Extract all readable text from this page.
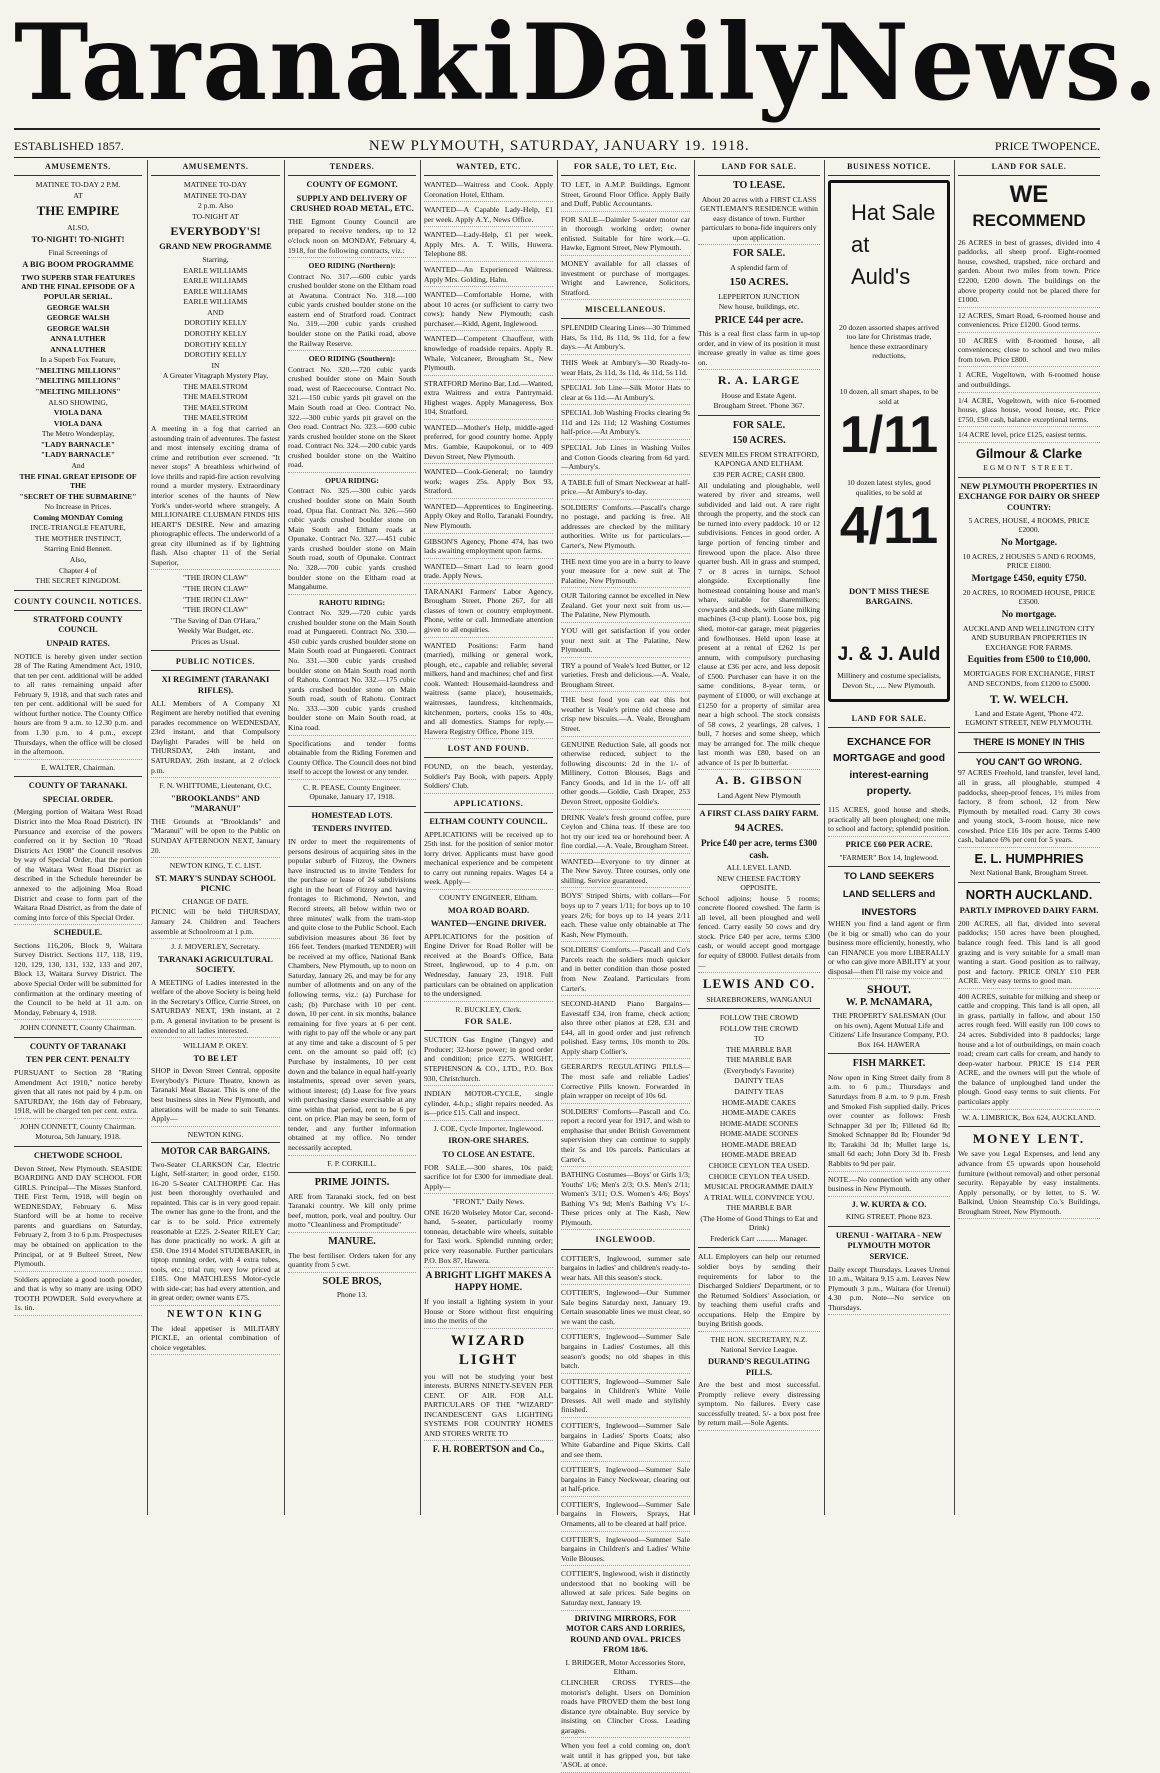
Taranaki Daily News.
ESTABLISHED 1857.	NEW PLYMOUTH, SATURDAY, JANUARY 19. 1918.	PRICE TWOPENCE.
AMUSEMENTS.
MATINEE TO-DAY 2 P.M.
AT
THE EMPIRE
ALSO,
TO-NIGHT! TO-NIGHT!
Final Screenings of
A BIG BOOM PROGRAMME
TWO SUPERB STAR FEATURES AND THE FINAL EPISODE OF A POPULAR SERIAL.
GEORGE WALSH
GEORGE WALSH
GEORGE WALSH
ANNA LUTHER
ANNA LUTHER
In a Superb Fox Feature,
"MELTING MILLIONS"
"MELTING MILLIONS"
"MELTING MILLIONS"
ALSO SHOWING,
VIOLA DANA
VIOLA DANA
The Metro Wonderplay,
"LADY BARNACLE"
"LADY BARNACLE"
And
THE FINAL GREAT EPISODE OF THE
"SECRET OF THE SUBMARINE"
No Increase in Prices.
Coming MONDAY Coming
INCE-TRIANGLE FEATURE,
THE MOTHER INSTINCT,
Starring Enid Bennett.
Also,
Chapter 4 of
THE SECRET KINGDOM.
COUNTY COUNCIL NOTICES.
STRATFORD COUNTY COUNCIL
UNPAID RATES.
NOTICE is hereby given under section 28 of The Rating Amendment Act, 1910, that ten per cent. additional will be added to all rates remaining unpaid after February 9, 1918, and that such rates and ten per cent. additional will be sued for without further notice. The County Office hours are from 9 a.m. to 12.30 p.m. and from 1.30 p.m. to 4 p.m., except Thursdays, when the office will be closed in the afternoon.
E. WALTER, Chairman.
COUNTY OF TARANAKI.
SPECIAL ORDER.
(Merging portion of Waitara West Road District into the Moa Road District). IN Pursuance and exercise of the powers conferred on it by Section 10 "Road Districts Act 1908" the Council resolves by way of Special Order, that the portion of the Waitara West Road District as described in the Schedule hereunder be annexed to the adjoining Moa Road District and cease to form part of the Waitara Road District, as from the date of coming into force of this Special Order.
SCHEDULE.
Sections 116,206, Block 9, Waitara Survey District. Sections 117, 118, 119, 120, 129, 130, 131, 132, 133 and 207, Block 13, Waitara Survey District. The above Special Order will be submitted for confirmation at the ordinary meeting of the Council to be held at 11 a.m. on Monday, February 4, 1918.
JOHN CONNETT, County Chairman.
COUNTY OF TARANAKI
TEN PER CENT. PENALTY
PURSUANT to Section 28 "Rating Amendment Act 1910," notice hereby given that all rates not paid by 4 p.m. on SATURDAY, the 16th day of February, 1918, will be charged ten per cent. extra.
JOHN CONNETT, County Chairman.
Moturoa, 5th January, 1918.
CHETWODE SCHOOL
Devon Street, New Plymouth. SEASIDE BOARDING AND DAY SCHOOL FOR GIRLS. Principal—The Misses Stanford. THE First Term, 1918, will begin on WEDNESDAY, February 6. Miss Stanford will be at home to receive parents and guardians on Saturday, February 2, from 3 to 6 p.m. Prospectuses may be obtained on application to the Principal, or at 9 Bulteel Street, New Plymouth.
Soldiers appreciate a good tooth powder, and that is why so many are using ODO TOOTH POWDER. Sold everywhere at 1s. tin.
AMUSEMENTS.
MATINEE TO-DAY
MATINEE TO-DAY
2 p.m. Also
TO-NIGHT AT
EVERYBODY'S!
GRAND NEW PROGRAMME
Starring,
EARLE WILLIAMS
EARLE WILLIAMS
EARLE WILLIAMS
EARLE WILLIAMS
AND
DOROTHY KELLY
DOROTHY KELLY
DOROTHY KELLY
DOROTHY KELLY
IN
A Greater Vitagraph Mystery Play,
THE MAELSTROM
THE MAELSTROM
THE MAELSTROM
THE MAELSTROM
A meeting in a fog that carried an astounding train of adventures. The fastest and most intensely exciting drama of crime and retribution ever screened. "It never stops" A breathless whirlwind of love thrills and rapid-fire action revolving round a murder mystery. Extraordinary interior scenes of the haunts of New York's under-world where strangely, A MILLIONAIRE CLUBMAN FINDS HIS HEART'S DESIRE. New and amazing photographic effects. The underworld of a great city illumined as if by lightning flash. Also chapter 11 of the Serial Superior,
"THE IRON CLAW"
"THE IRON CLAW"
"THE IRON CLAW"
"THE IRON CLAW"
"The Saving of Dan O'Hara,"
Weekly War Budget, etc.
Prices as Usual.
PUBLIC NOTICES.
XI REGIMENT (TARANAKI RIFLES).
ALL Members of A Company XI Regiment are hereby notified that evening parades recommence on WEDNESDAY, 23rd instant, and that Compulsory Daylight Parades will be held on THURSDAY, 24th instant, and SATURDAY, 26th instant, at 2 o'clock p.m.
F. N. WHITTOME, Lieutenant, O.C.
"BROOKLANDS" AND "MARANUI"
THE Grounds at "Brooklands" and "Maranui" will be open to the Public on SUNDAY AFTERNOON NEXT, January 20.
NEWTON KING, T. C. LIST.
ST. MARY'S SUNDAY SCHOOL PICNIC
CHANGE OF DATE.
PICNIC will be held THURSDAY, January 24. Children and Teachers assemble at Schoolroom at 1 p.m.
J. J. MOVERLEY, Secretary.
TARANAKI AGRICULTURAL SOCIETY.
A MEETING of Ladies interested in the welfare of the above Society is being held in the Secretary's Office, Currie Street, on SATURDAY NEXT, 19th instant, at 2 p.m. A general invitation to be present is extended to all ladies interested.
WILLIAM P. OKEY.
TO BE LET
SHOP in Devon Street Central, opposite Everybody's Picture Theatre, known as Taranaki Meat Bazaar. This is one of the best business sites in New Plymouth, and alterations will be made to suit Tenants. Apply—
NEWTON KING.
MOTOR CAR BARGAINS.
Two-Seater CLARKSON Car, Electric Light, Self-starter; in good order, £150. 16-20 5-Seater CALTHORPE Car. Has just been thoroughly overhauled and repainted. This car is in very good repair. The owner has gone to the front, and the car is to be sold. Price extremely reasonable at £225. 2-Seater RILEY Car; has done practically no work. A gift at £50. One 1914 Model STUDEBAKER, in tiptop running order, with 4 extra tubes, tools, etc.; trial run; very low priced at £185. One MATCHLESS Motor-cycle with side-car; has had every attention, and in great order; owner wants £75.
NEWTON KING
The ideal appetiser is MILITARY PICKLE, an oriental combination of choice vegetables.
TENDERS.
COUNTY OF EGMONT.
SUPPLY AND DELIVERY OF CRUSHED ROAD METAL, ETC.
THE Egmont County Council are prepared to receive tenders, up to 12 o'clock noon on MONDAY, February 4, 1918, for the following contracts, viz.:
OEO RIDING (Northern):
Contract No. 317.—600 cubic yards crushed boulder stone on the Eltham road at Awatuna. Contract No. 318.—100 cubic yards crushed boulder stone on the eastern end of Stratford road. Contract No. 319.—200 cubic yards crushed boulder stone on the Patiki road, above the Railway Reserve.
OEO RIDING (Southern):
Contract No. 320.—720 cubic yards crushed boulder stone on Main South road, west of Raececourse. Contract No. 321.—150 cubic yards pit gravel on the Main South road at Oeo. Contract No. 322.—300 cubic yards pit gravel on the Oeo road. Contract No. 323.—600 cubic yards crushed boulder stone on the Skeet road. Contract No. 324.—200 cubic yards crushed boulder stone on the Waitino road.
OPUA RIDING:
Contract No. 325.—300 cubic yards crushed boulder stone on Main South road, Opua flat. Contract No. 326.—560 cubic yards crushed boulder stone on Main South and Eltham roads at Opunake. Contract No. 327.—451 cubic yards crushed boulder stone on Main South road, south of Opunake. Contract No. 328.—700 cubic yards crushed boulder stone on the Eltham road at Mangahume.
RAHOTU RIDING:
Contract No. 329.—720 cubic yards crushed boulder stone on the Main South road at Pungaereti. Contract No. 330.—450 cubic yards crushed boulder stone on Main South road at Pungaereti. Contract No. 331.—300 cubic yards crushed boulder stone on Main South road north of Rahotu. Contract No. 332.—175 cubic yards crushed boulder stone on Main South road, south of Rahotu. Contract No. 333.—300 cubic yards crushed boulder stone on Main South road, at Kina road.
Specifications and tender forms obtainable from the Riding Foremen and County Office. The Council does not bind itself to accept the lowest or any tender.
C. R. PEASE, County Engineer. Opunake, January 17, 1918.
HOMESTEAD LOTS.
TENDERS INVITED.
IN order to meet the requirements of persons desirous of acquiring sites in the popular suburb of Fitzroy, the Owners have instructed us to invite Tenders for the purchase or lease of 24 subdivisions right in the heart of Fitzroy and having frontages to Richmond, Newton, and Record streets, all below within two or three minutes' walk from the tram-stop and quite close to the Public School. Each subdivision measures about 36 feet by 166 feet. Tenders (marked TENDER) will be received at my office, National Bank Chambers, New Plymouth, up to noon on Saturday, January 26, and may be for any number of allotments and on any of the following terms, viz.: (a) Purchase for cash; (b) Purchase with 10 per cent. down, 10 per cent. in six months, balance remaining for five years at 6 per cent. with right to pay off the whole or any part at any time and take a discount of 5 per cent. on the amount so paid off; (c) Purchase by instalments, 10 per cent down and the balance in equal half-yearly instalments, spread over seven years, without interest; (d) Lease for five years with purchasing clause exercisable at any time within that period, rent to be 6 per cent. on price. Plan may be seen, form of tender, and any further information obtained at my office. No tender necessarily accepted.
F. P. CORKILL.
PRIME JOINTS.
ARE from Taranaki stock, fed on best Taranaki country. We kill only prime beef, mutton, pork, veal and poultry. Our motto "Cleanliness and Promptitude"
MANURE.
The best fertiliser. Orders taken for any quantity from 5 cwt.
SOLE BROS,
Phone 13.
WANTED, ETC.
WANTED—Waitress and Cook. Apply Coronation Hotel, Eltham.
WANTED—A Capable Lady-Help, £1 per week. Apply A.Y., News Office.
WANTED—Lady-Help, £1 per week. Apply Mrs. A. T. Wills, Huwera. Telephone 88.
WANTED—An Experienced Waitress. Apply Mrs. Golding, Hahu.
WANTED—Comfortable Home, with about 10 acres (or sufficient to carry two cows); handy New Plymouth; cash purchaser.—Kidd, Agent, Inglewood.
WANTED—Competent Chauffeur, with knowledge of roadside repairs. Apply R. Whale, Volcaneer, Brougham St., New Plymouth.
STRATFORD Merino Bar, Ltd.—Wanted, extra Waitress and extra Pantrymaid. Highest wages. Apply Manageress, Box 104, Stratford.
WANTED—Mother's Help, middle-aged preferred, for good country home. Apply Mrs. Gambie, Kaupokonui, or to 409 Devon Street, New Plymouth.
WANTED—Cook-General; no laundry work; wages 25s. Apply Box 93, Stratford.
WANTED—Apprentices to Engineering. Apply Okey and Rollo, Taranaki Foundry, New Plymouth.
GIBSON'S Agency, Phone 474, has two lads awaiting employment upon farms.
WANTED—Smart Lad to learn good trade. Apply News.
TARANAKI Farmers' Labor Agency, Brougham Street, Phone 267, for all classes of town or country employment. Phone, write or call. Immediate attention given to all enquiries.
WANTED Positions: Farm hand (married), milking or general work, plough, etc., capable and reliable; several milkers, hand and machines; chef and first cook. Wanted: Housemaid-laundress and waitress (same place), housemaids, waitresses, laundress, kitchenmaids, kitchenmen, porters, cooks 15s to 40s, and all domestics. Stamps for reply.—Hawera Registry Office, Phone 119.
LOST AND FOUND.
FOUND, on the beach, yesterday, Soldier's Pay Book, with papers. Apply Soldiers' Club.
APPLICATIONS.
ELTHAM COUNTY COUNCIL.
APPLICATIONS will be received up to 25th inst. for the position of senior motor lorry driver. Applicants must have good mechanical experience and be competent to carry out running repairs. Wages £4 a week. Apply—
COUNTY ENGINEER, Eltham.
MOA ROAD BOARD.
WANTED—ENGINE DRIVER.
APPLICATIONS for the position of Engine Driver for Road Roller will be received at the Board's Office, Bata Street, Inglewood, up to 4 p.m. on Wednesday, January 23, 1918. Full particulars can be obtained on application to the undersigned.
R. BUCKLEY, Clerk.
FOR SALE.
SUCTION Gas Engine (Tangye) and Producer; 32-horse power; in good order and condition; price £275. WRIGHT, STEPHENSON & CO., LTD., P.O. Box 930, Christchurch.
INDIAN MOTOR-CYCLE, single cylinder, 4-h.p.; slight repairs needed. As is—price £15. Call and inspect.
J. COE, Cycle Importer, Inglewood.
IRON-ORE SHARES.
TO CLOSE AN ESTATE.
FOR SALE.—300 shares, 10s paid; sacrifice lot for £300 for immediate deal. Apply—
"FRONT," Daily News.
ONE 16/20 Wolseley Motor Car, second-hand, 5-seater, particularly roomy tonneau, detachable wire wheels, suitable for Taxi work. Splendid running order; price very reasonable. Further particulars P.O. Box 87, Hawera.
A BRIGHT LIGHT MAKES A HAPPY HOME.
If you install a lighting system in your House or Store without first enquiring into the merits of the
WIZARD LIGHT
you will not be studying your best interests. BURNS NINETY-SEVEN PER CENT. OF AIR. FOR ALL PARTICULARS OF THE "WIZARD" INCANDESCENT GAS LIGHTING SYSTEMS FOR COUNTRY HOMES AND STORES WRITE TO
F. H. ROBERTSON and Co.,
FOR SALE, TO LET, Etc.
TO LET, in A.M.P. Buildings, Egmont Street, Ground Floor Office. Apply Baily and Duff, Public Accountants.
FOR SALE—Daimler 5-seater motor car in thorough working order; owner enlisted. Suitable for hire work.—G. Hawke, Egmont Street, New Plymouth.
MONEY available for all classes of investment or purchase of mortgages. Wright and Lawrence, Solicitors, Stratford.
MISCELLANEOUS.
SPLENDID Clearing Lines—30 Trimmed Hats, 5s 11d, 8s 11d, 9s 11d, for a few days.—At Ambury's.
THIS Week at Ambury's—30 Ready-to-wear Hats, 2s 11d, 3s 11d, 4s 11d, 5s 11d.
SPECIAL Job Line—Silk Motor Hats to clear at 6s 11d.—At Ambury's.
SPECIAL Job Washing Frocks clearing 9s 11d and 12s 11d; 12 Washing Costumes half-price.—At Ambury's.
SPECIAL Job Lines in Washing Voiles and Cotton Goods clearing from 6d yard.—Ambury's.
A TABLE full of Smart Neckwear at half-price.—At Ambury's to-day.
SOLDIERS' Comforts.—Pascall's charge no postage, and packing is free. All addresses are checked by the military authorities. Write us for particulars.—Carter's, New Plymouth.
THE next time you are in a hurry to leave your measure for a new suit at The Palatine, New Plymouth.
OUR Tailoring cannot be excelled in New Zealand. Get your next suit from us.—The Palatine, New Plymouth.
YOU will get satisfaction if you order your next suit at The Palatine, New Plymouth.
TRY a pound of Veale's Iced Butter, or 12 varieties. Fresh and delicious.—A. Veale, Brougham Street.
THE best food you can eat this hot weather is Veale's prime old cheese and crisp new biscuits.—A. Veale, Brougham Street.
GENUINE Reduction Sale, all goods not otherwise reduced, subject to the following discounts: 2d in the 1/- of Millinery, Cotton Blouses, Bags and Fancy Goods, and 1d in the 1/- off all other goods.—Goldie, Cash Draper, 253 Devon Street, opposite Goldie's.
DRINK Veale's fresh ground coffee, pure Ceylon and China teas. If these are too hot try our iced tea or horehound beer. A fine cordial.—A. Veale, Brougham Street.
WANTED—Everyone to try dinner at The New Savoy. Three courses, only one shilling. Service guaranteed.
BOYS' Striped Shirts, with collars—For boys up to 7 years 1/11; for boys up to 10 years 2/6; for boys up to 14 years 2/11 each. These value only obtainable at The Kash, New Plymouth.
SOLDIERS' Comforts.—Pascall and Co's Parcels reach the soldiers much quicker and in better condition than those posted from New Zealand. Particulars from Carter's.
SECOND-HAND Piano Bargains—Eavestaff £34, iron frame, check action; also three other pianos at £28, £31 and £44, all in good order and just refrench polished. Easy terms, 10s month to 20s. Apply sharp Collier's.
GEERARD'S REGULATING PILLS—The most safe and reliable Ladies' Corrective Pills known. Forwarded in plain wrapper on receipt of 10s 6d.
SOLDIERS' Comforts—Pascall and Co. report a record year for 1917, and wish to emphasise that under British Government supervision they can continue to supply their 5s and 10s parcels. Particulars at Carter's.
BATHING Costumes—Boys' or Girls 1/3; Youths' 1/6; Men's 2/3; O.S. Men's 2/11; Women's 3/11; O.S. Women's 4/6; Boys' Bathing V's 9d; Men's Bathing V's 1/-. These prices only at The Kash, New Plymouth.
INGLEWOOD.
COTTIER'S, Inglewood, summer sale bargains in ladies' and children's ready-to-wear hats. All this season's stock.
COTTIER'S, Inglewood—Our Summer Sale begins Saturday next, January 19. Certain seasonable lines we must clear, so we want the cash.
COTTIER'S, Inglewood—Summer Sale bargains in Ladies' Costumes, all this season's goods; no old shapes in this batch.
COTTIER'S, Inglewood—Summer Sale bargains in Children's White Voile Dresses. All well made and stylishly finished.
COTTIER'S, Inglewood—Summer Sale bargains in Ladies' Sports Coats; also White Gabardine and Pique Skirts. Call and see them.
COTTIER'S, Inglewood—Summer Sale bargains in Fancy Neckwear, clearing out at half-price.
COTTIER'S, Inglewood—Summer Sale bargains in Flowers, Sprays, Hat Ornaments, all to be cleared at half price.
COTTIER'S, Inglewood—Summer Sale bargains in Children's and Ladies' White Voile Blouses.
COTTIER'S, Inglewood, wish it distinctly understood that no booking will be allowed at sale prices. Sale begins on Saturday next, January 19.
DRIVING MIRRORS, FOR MOTOR CARS AND LORRIES, ROUND AND OVAL. PRICES FROM 18/6.
I. BRIDGER, Motor Accessories Store, Eltham.
CLINCHER CROSS TYRES—the motorist's delight. Users on Dominion roads have PROVED them the best long distance tyre obtainable. Buy service by insisting on Clincher Cross. Leading garages.
When you feel a cold coming on, don't wait until it has gripped you, but take 'ASOL at once.
LAND FOR SALE.
TO LEASE.
About 20 acres with a FIRST CLASS GENTLEMAN'S RESIDENCE within easy distance of town. Further particulars to bona-fide inquirers only upon application.
FOR SALE.
A splendid farm of
150 ACRES.
LEPPERTON JUNCTION
New house, buildings, etc.
PRICE £44 per acre.
This is a real first class farm in up-top order, and in view of its position it must increase greatly in value as time goes on.
R. A. LARGE
House and Estate Agent.
Brougham Street. 'Phone 367.
FOR SALE.
150 ACRES.
SEVEN MILES FROM STRATFORD, KAPONGA AND ELTHAM.
£39 PER ACRE; CASH £800.
All undulating and ploughable, well watered by river and streams, well subdivided and laid out. A rare right through the property, and the stock can be turned into every paddock. 10 or 12 subdivisions. Fences in good order. A large portion of fencing timber and firewood upon the place. Also three quarter bush. All in grass and stumped, 7 or 8 acres in turnips. School alongside. Exceptionally fine homestead containing house and man's whare, suitable for sharemilkers; cowyards and sheds, with Gane milking machines (3-cup plant). Loose box, pig shed, motor-car garage, meat piggeries and fowlhouses. Held upon lease at present at a rental of £262 1s per annum, with compulsory purchasing clause at £36 per acre, and less deposit of £500. Purchaser can have it on the same conditions, 8-year term, or payment of £1000, or will exchange at £1250 for a property of similar area near a high school. The stock consists of 58 cows, 2 yearlings, 28 calves, 1 bull, 7 horses and some sheep, which may be arranged for. The milk cheque last month was £80, based on an advance of 1s per lb butterfat.
A. B. GIBSON
Land Agent New Plymouth
A FIRST CLASS DAIRY FARM.
94 ACRES.
Price £40 per acre, terms £300 cash.
ALL LEVEL LAND.
NEW CHEESE FACTORY OPPOSITE.
School adjoins; house 5 rooms; concrete floored cowshed. The farm is all level, all been ploughed and well fenced. Carry easily 50 cows and dry stock. Price £40 per acre, terms £300 cash, or would accept good mortgage for equity of £8000. Fullest details from—
LEWIS AND CO.
SHAREBROKERS, WANGANUI
FOLLOW THE CROWD
FOLLOW THE CROWD
TO
THE MARBLE BAR
THE MARBLE BAR
(Everybody's Favorite)
DAINTY TEAS
DAINTY TEAS
HOME-MADE CAKES
HOME-MADE CAKES
HOME-MADE SCONES
HOME-MADE SCONES
HOME-MADE BREAD
HOME-MADE BREAD
CHOICE CEYLON TEA USED.
CHOICE CEYLON TEA USED.
MUSICAL PROGRAMME DAILY
A TRIAL WILL CONVINCE YOU.
THE MARBLE BAR
(The Home of Good Things to Eat and Drink)
Frederick Carr ........... Manager.
ALL Employers can help our returned soldier boys by sending their requirements for labor to the Discharged Soldiers' Department, or to the Returned Soldiers' Association, or by teaching them useful crafts and occupations. Help the Empire by buying British goods.
THE HON. SECRETARY, N.Z. National Service League.
DURAND'S REGULATING PILLS.
Are the best and most successful. Promptly relieve every distressing symptom. No failures. Every case successfully treated. 5/- a box post free by return mail.—Sole Agents.
BUSINESS NOTICE.
Hat Sale
at
Auld's
20 dozen assorted shapes arrived too late for Christmas trade, hence these extraordinary reductions,
10 dozen, all smart shapes, to be sold at
1/11
10 dozen latest styles, good qualities, to be sold at
4/11
DON'T MISS THESE BARGAINS.
J. & J. Auld
Millinery and costume specialists, Devon St., ..... New Plymouth.
LAND FOR SALE.
EXCHANCE FOR MORTGAGE and good interest-earning property.
115 ACRES, good house and sheds, practically all been ploughed; one mile to school and factory; splendid position.
PRICE £60 PER ACRE.
"FARMER" Box 14, Inglewood.
TO LAND SEEKERS
LAND SELLERS and
INVESTORS
WHEN you find a land agent or firm (be it big or small) who can do your business more efficiently, honestly, who can FINANCE you more LIBERALLY or who can give more ABILITY at your disposal—then I'll raise my voice and
SHOUT.
W. P. McNAMARA,
THE PROPERTY SALESMAN (Out on his own), Agent Mutual Life and Citizens' Life Insurance Company, P.O. Box 164. HAWERA
FISH MARKET.
Now open in King Street daily from 8 a.m. to 6 p.m.; Thursdays and Saturdays from 8 a.m. to 9 p.m. Fresh and Smoked Fish supplied daily. Prices over counter as follows: Fresh Schnapper 3d per lb; Filleted 6d lb; Smoked Schnapper 8d lb; Flounder 9d lb; Tarakihi 3d lb; Mullet large 1s, small 6d each; John Dory 3d lb. Fresh Rabbits to 9d per pair.
NOTE.—No connection with any other business in New Plymouth.
J. W. KURTA & CO.
KING STREET. Phone 823.
URENUI - WAITARA - NEW PLYMOUTH MOTOR SERVICE.
Daily except Thursdays. Leaves Urenui 10 a.m., Waitara 9.15 a.m. Leaves New Plymouth 3 p.m., Waitara (for Urenui) 4.30 p.m. Note—No service on Thursdays.
LAND FOR SALE.
WE
RECOMMEND
26 ACRES in best of grasses, divided into 4 paddocks, all sheep proof. Eight-roomed house, cowshed, trapshed, nice orchard and garden. About two miles from town. Price £2200, £200 down. The buildings on the above property could not be placed there for £1000.
12 ACRES, Smart Road, 6-roomed house and conveniences. Price £1200. Good terms.
10 ACRES with 8-roomed house, all conveniences; close to school and two miles from town. Price £800.
1 ACRE, Vogeltown, with 6-roomed house and outbuildings.
1/4 ACRE, Vogeltown, with nice 6-roomed house, glass house, wood house, etc. Price £750, £50 cash, balance exceptional terms.
1/4 ACRE level, price £125, easiest terms.
Gilmour & Clarke
EGMONT STREET.
NEW PLYMOUTH PROPERTIES IN EXCHANGE FOR DAIRY OR SHEEP COUNTRY:
5 ACRES, HOUSE, 4 ROOMS, PRICE £2000.
No Mortgage.
10 ACRES, 2 HOUSES 5 AND 6 ROOMS, PRICE £1800.
Mortgage £450, equity £750.
20 ACRES, 10 ROOMED HOUSE, PRICE £3500.
No mortgage.
AUCKLAND AND WELLINGTON CITY AND SUBURBAN PROPERTIES IN EXCHANGE FOR FARMS.
Equities from £500 to £10,000.
MORTGAGES FOR EXCHANGE, FIRST AND SECONDS, from £1200 to £5000.
T. W. WELCH.
Land and Estate Agent, 'Phone 472. EGMONT STREET, NEW PLYMOUTH.
THERE IS MONEY IN THIS
YOU CAN'T GO WRONG.
97 ACRES Freehold, land transfer, level land, all in grass, all ploughable, stumped 4 paddocks, sheep-proof fences, 1½ miles from factory, 8 from school, 12 from New Plymouth by metalled road. Carry 30 cows and young stock, 3-room house, nice new cowshed. Price £16 10s per acre. Terms £400 cash, balance 6% per cent for 5 years.
E. L. HUMPHRIES
Next National Bank, Brougham Street.
NORTH AUCKLAND.
PARTLY IMPROVED DAIRY FARM.
200 ACRES, all flat, divided into several paddocks; 150 acres have been ploughed, balance rough feed. This land is all good grazing and is very suitable for a small man wanting a start. Good position as to railway, post and factory. PRICE ONLY £10 PER ACRE. Very easy terms to good man.
400 ACRES, suitable for milking and sheep or cattle and cropping. This land is all open, all in grass, partially in fallow, and about 150 acres rough feed. Will easily run 100 cows to 24 acres. Subdivided into 8 paddocks; large house and a lot of outbuildings, on main coach road; cream cart calls for cream, and handy to deep-water harbour. PRICE IS £14 PER ACRE, and the owners will put the whole of the balance of unploughed land under the plough. Good easy terms to suit clients. For particulars apply
W. A. LIMBRICK, Box 624, AUCKLAND.
MONEY LENT.
We save you Legal Expenses, and lend any advance from £5 upwards upon household furniture (without removal) and other personal security. Repayable by easy instalments. Apply personally, or by letter, to S. W. Balkind, Union Steamship Co.'s Buildings, Brougham Street, New Plymouth.
